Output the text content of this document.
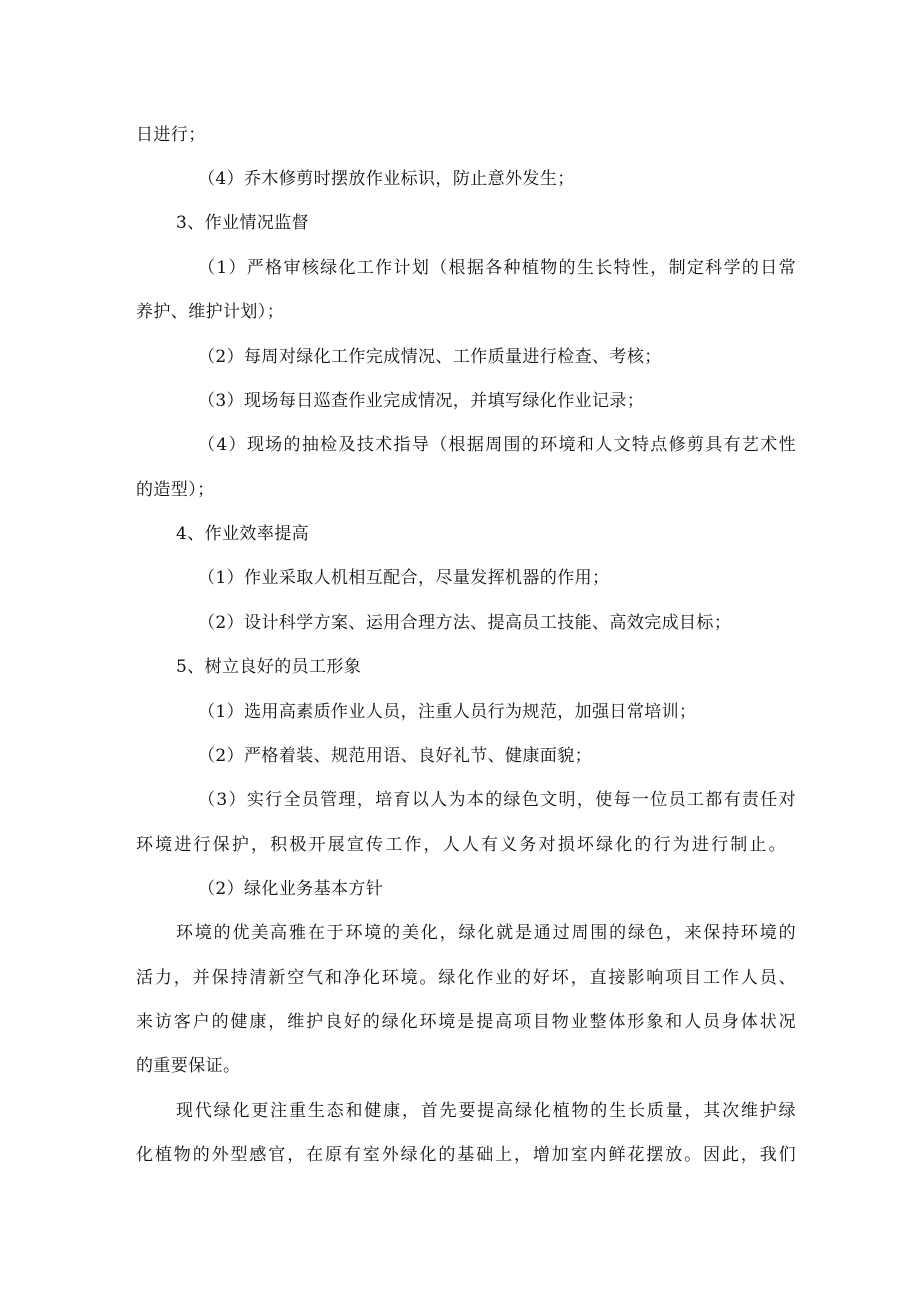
日进行；
（4）乔木修剪时摆放作业标识，防止意外发生；
3、作业情况监督
（1）严格审核绿化工作计划（根据各种植物的生长特性，制定科学的日常
养护、维护计划）；
（2）每周对绿化工作完成情况、工作质量进行检查、考核；
（3）现场每日巡查作业完成情况，并填写绿化作业记录；
（4）现场的抽检及技术指导（根据周围的环境和人文特点修剪具有艺术性
的造型）；
4、作业效率提高
（1）作业采取人机相互配合，尽量发挥机器的作用；
（2）设计科学方案、运用合理方法、提高员工技能、高效完成目标；
5、树立良好的员工形象
（1）选用高素质作业人员，注重人员行为规范，加强日常培训；
（2）严格着装、规范用语、良好礼节、健康面貌；
（3）实行全员管理，培育以人为本的绿色文明，使每一位员工都有责任对
环境进行保护，积极开展宣传工作，人人有义务对损坏绿化的行为进行制止。
（2）绿化业务基本方针
环境的优美高雅在于环境的美化，绿化就是通过周围的绿色，来保持环境的
活力，并保持清新空气和净化环境。绿化作业的好坏，直接影响项目工作人员、
来访客户的健康，维护良好的绿化环境是提高项目物业整体形象和人员身体状况
的重要保证。
现代绿化更注重生态和健康，首先要提高绿化植物的生长质量，其次维护绿
化植物的外型感官，在原有室外绿化的基础上，增加室内鲜花摆放。因此，我们
